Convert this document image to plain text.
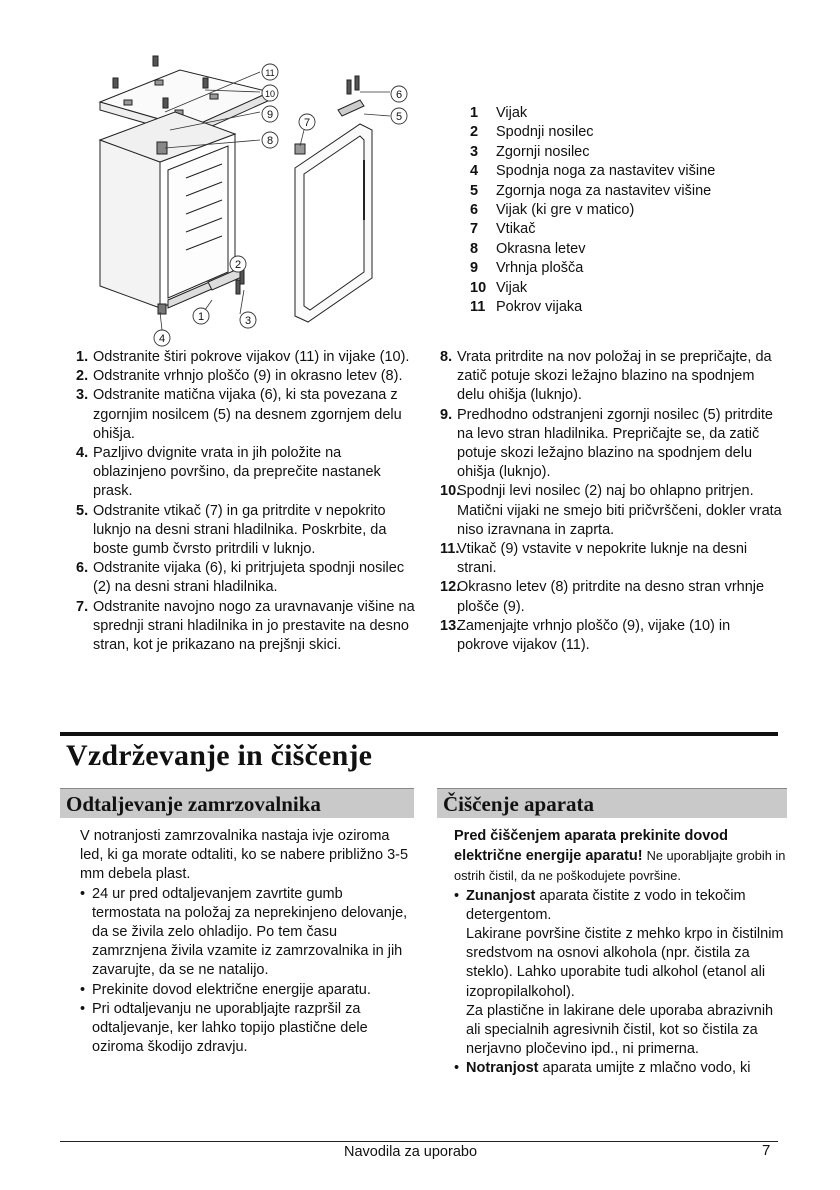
1
2
3
4
5
6
7
8
9
10
11
1	Vijak
2	Spodnji nosilec
3	Zgornji nosilec
4	Spodnja noga za nastavitev višine
5	Zgornja noga za nastavitev višine
6	Vijak (ki gre v matico)
7	Vtikač
8	Okrasna letev
9	Vrhnja plošča
10 Vijak
11 Pokrov vijaka
1. Odstranite štiri pokrove vijakov (11) in vijake (10).
2. Odstranite vrhnjo ploščo (9) in okrasno letev (8).
3. Odstranite matična vijaka (6), ki sta povezana z zgornjim nosilcem (5) na desnem zgornjem delu ohišja.
4. Pazljivo dvignite vrata in jih položite na oblazinjeno površino, da preprečite nastanek prask.
5. Odstranite vtikač (7) in ga pritrdite v nepokrito luknjo na desni strani hladilnika. Poskrbite, da boste gumb čvrsto pritrdili v luknjo.
6. Odstranite vijaka (6), ki pritrjujeta spodnji nosilec (2) na desni strani hladilnika.
7. Odstranite navojno nogo za uravnavanje višine na sprednji strani hladilnika in jo prestavite na desno stran, kot je prikazano na prejšnji skici.
8. Vrata pritrdite na nov položaj in se prepričajte, da zatič potuje skozi ležajno blazino na spodnjem delu ohišja (luknjo).
9. Predhodno odstranjeni zgornji nosilec (5) pritrdite na levo stran hladilnika. Prepričajte se, da zatič potuje skozi ležajno blazino na spodnjem delu ohišja (luknjo).
10.
Spodnji levi nosilec (2) naj bo ohlapno pritrjen. Matični vijaki ne smejo biti pričvrščeni, dokler vrata niso izravnana in zaprta.
11.
Vtikač (9) vstavite v nepokrite luknje na desni strani.
12.
Okrasno letev (8) pritrdite na desno stran vrhnje plošče (9).
13.
Zamenjajte vrhnjo ploščo (9), vijake (10) in pokrove vijakov (11).
Vzdrževanje in čiščenje
Odtaljevanje zamrzovalnika	Čiščenje aparata

V notranjosti zamrzovalnika nastaja ivje oziroma led, ki ga morate odtaliti, ko se nabere približno 3-5 mm debela plast.

• 24 ur pred odtaljevanjem zavrtite gumb termostata na položaj za neprekinjeno delovanje, da se živila zelo ohladijo. Po tem času zamrznjena živila vzamite iz zamrzovalnika in jih zavarujte, da se ne natalijo.
• Prekinite dovod električne energije aparatu.
• Pri odtaljevanju ne uporabljajte razpršil za odtaljevanje, ker lahko topijo plastične dele oziroma škodijo zdravju.

Pred čiščenjem aparata prekinite dovod električne energije aparatu! Ne uporabljajte grobih in ostrih čistil, da ne poškodujete površine.

• Zunanjost aparata čistite z vodo in tekočim detergentom.

Lakirane površine čistite z mehko krpo in čistilnim sredstvom na osnovi alkohola (npr. čistila za steklo). Lahko uporabite tudi alkohol (etanol ali izopropilalkohol).

Za plastične in lakirane dele uporaba abrazivnih ali specialnih agresivnih čistil, kot so čistila za nerjavno pločevino ipd., ni primerna.

• Notranjost aparata umijte z mlačno vodo, ki
Navodila za uporabo	7
